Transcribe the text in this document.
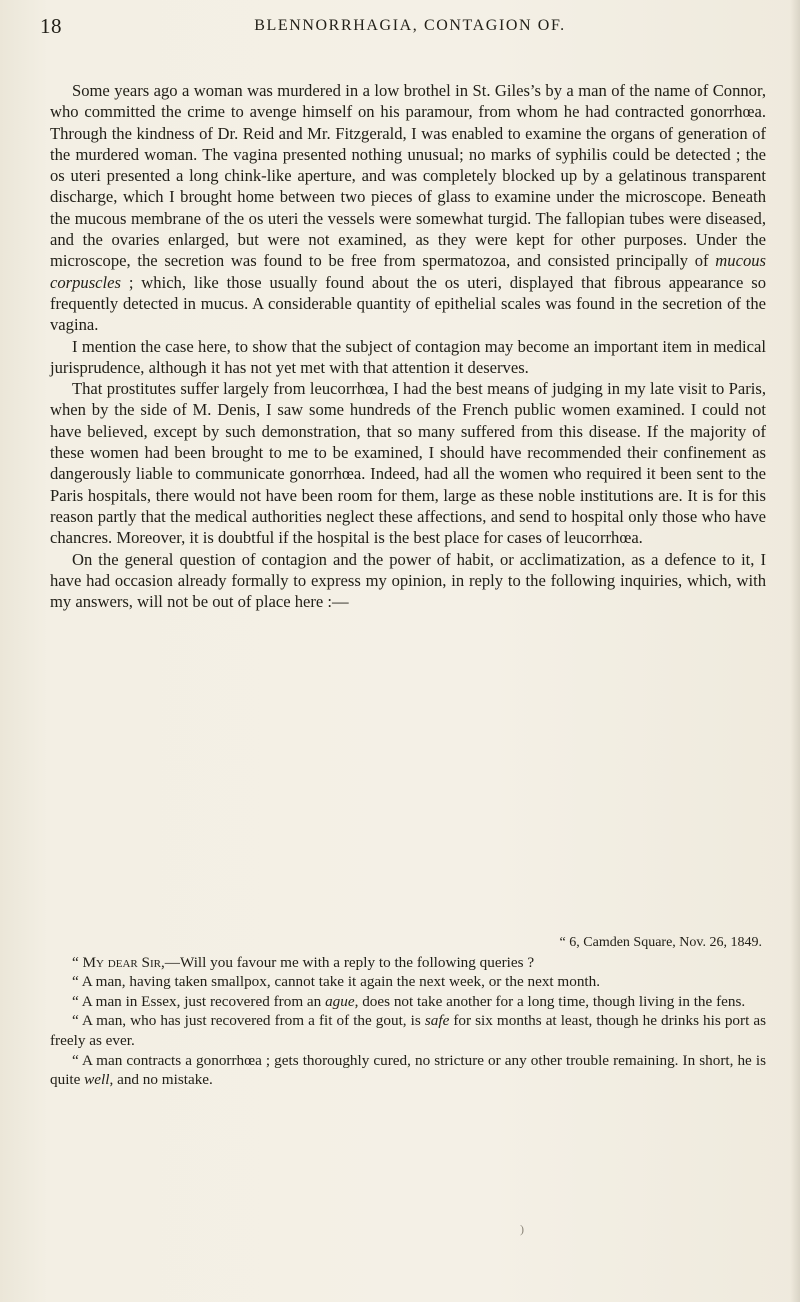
18	BLENNORRHAGIA, CONTAGION OF.

Some years ago a woman was murdered in a low brothel in St. Giles’s by a man of the name of Connor, who committed the crime to avenge himself on his paramour, from whom he had contracted gonorrhœa. Through the kindness of Dr. Reid and Mr. Fitzgerald, I was enabled to examine the organs of generation of the murdered woman. The vagina presented nothing unusual; no marks of syphilis could be detected ; the os uteri presented a long chink-like aperture, and was completely blocked up by a gelatinous transparent discharge, which I brought home between two pieces of glass to examine under the microscope. Beneath the mucous membrane of the os uteri the vessels were somewhat turgid. The fallopian tubes were diseased, and the ovaries enlarged, but were not examined, as they were kept for other purposes. Under the microscope, the secretion was found to be free from spermatozoa, and consisted principally of mucous corpuscles ; which, like those usually found about the os uteri, displayed that fibrous appearance so frequently detected in mucus. A considerable quantity of epithelial scales was found in the secretion of the vagina.

I mention the case here, to show that the subject of contagion may become an important item in medical jurisprudence, although it has not yet met with that attention it deserves.

That prostitutes suffer largely from leucorrhœa, I had the best means of judging in my late visit to Paris, when by the side of M. Denis, I saw some hundreds of the French public women examined. I could not have believed, except by such demonstration, that so many suffered from this disease. If the majority of these women had been brought to me to be examined, I should have recommended their confinement as dangerously liable to communicate gonorrhœa. Indeed, had all the women who required it been sent to the Paris hospitals, there would not have been room for them, large as these noble institutions are. It is for this reason partly that the medical authorities neglect these affections, and send to hospital only those who have chancres. Moreover, it is doubtful if the hospital is the best place for cases of leucorrhœa.

On the general question of contagion and the power of habit, or acclimatization, as a defence to it, I have had occasion already formally to express my opinion, in reply to the following inquiries, which, with my answers, will not be out of place here :—

“ 6, Camden Square, Nov. 26, 1849.

“ My dear Sir,—Will you favour me with a reply to the following queries ?

“ A man, having taken smallpox, cannot take it again the next week, or the next month.

“ A man in Essex, just recovered from an ague, does not take another for a long time, though living in the fens.

“ A man, who has just recovered from a fit of the gout, is safe for six months at least, though he drinks his port as freely as ever.

“ A man contracts a gonorrhœa ; gets thoroughly cured, no stricture or any other trouble remaining. In short, he is quite well, and no mistake.

)
